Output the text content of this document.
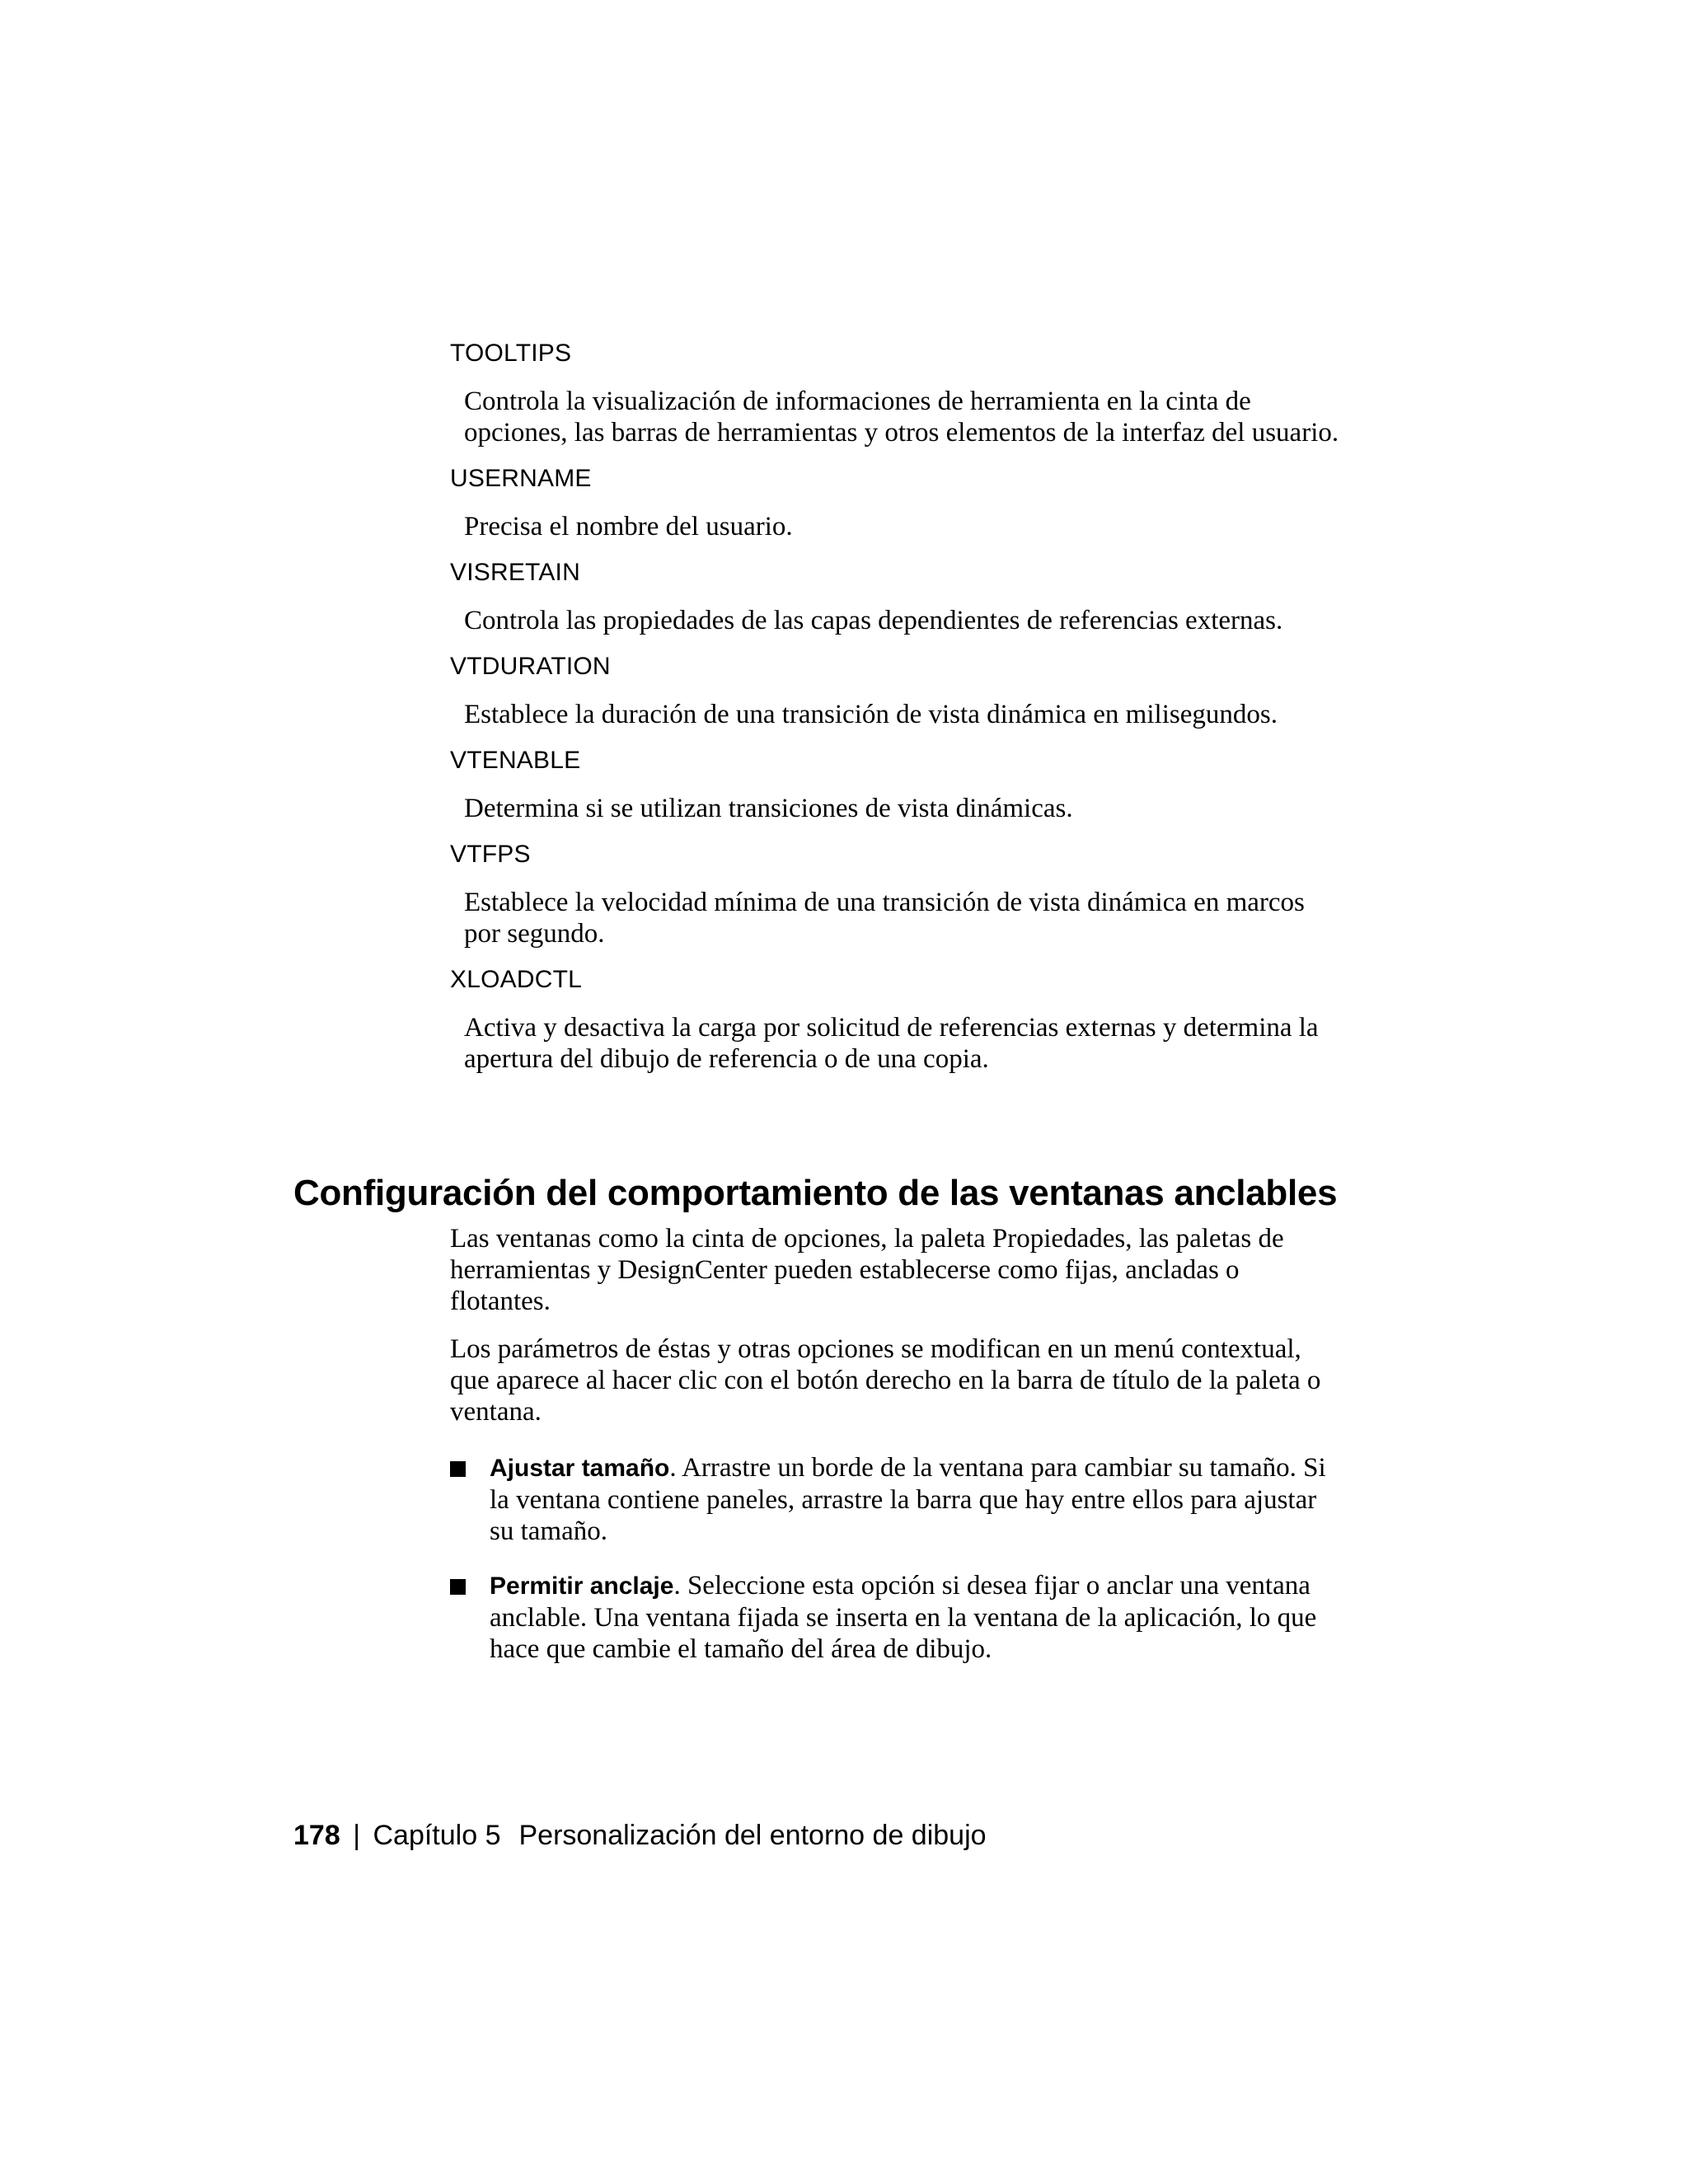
TOOLTIPS
Controla la visualización de informaciones de herramienta en la cinta de opciones, las barras de herramientas y otros elementos de la interfaz del usuario.
USERNAME
Precisa el nombre del usuario.
VISRETAIN
Controla las propiedades de las capas dependientes de referencias externas.
VTDURATION
Establece la duración de una transición de vista dinámica en milisegundos.
VTENABLE
Determina si se utilizan transiciones de vista dinámicas.
VTFPS
Establece la velocidad mínima de una transición de vista dinámica en marcos por segundo.
XLOADCTL
Activa y desactiva la carga por solicitud de referencias externas y determina la apertura del dibujo de referencia o de una copia.
Configuración del comportamiento de las ventanas anclables

Las ventanas como la cinta de opciones, la paleta Propiedades, las paletas de herramientas y DesignCenter pueden establecerse como fijas, ancladas o flotantes.

Los parámetros de éstas y otras opciones se modifican en un menú contextual, que aparece al hacer clic con el botón derecho en la barra de título de la paleta o ventana.

Ajustar tamaño. Arrastre un borde de la ventana para cambiar su tamaño. Si la ventana contiene paneles, arrastre la barra que hay entre ellos para ajustar su tamaño.
Permitir anclaje. Seleccione esta opción si desea fijar o anclar una ventana anclable. Una ventana fijada se inserta en la ventana de la aplicación, lo que hace que cambie el tamaño del área de dibujo.
178 | Capítulo 5 Personalización del entorno de dibujo
